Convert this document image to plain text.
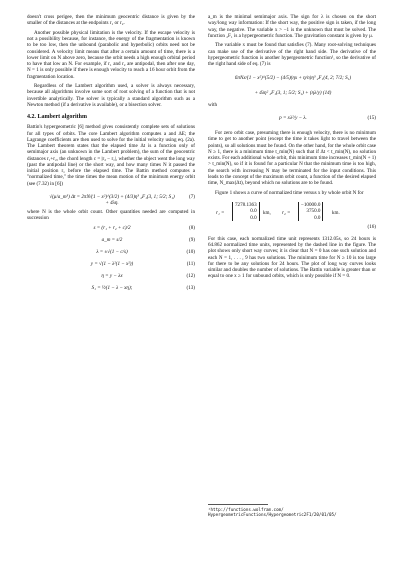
doesn't cross perigee, then the minimum geocentric distance is given by the smaller of the distances at the endpoints r₁ or r₂.

Another possible physical limitation is the velocity. If the escape velocity is not a possibility because, for instance, the energy of the fragmentation is known to be too low, then the unbound (parabolic and hyperbolic) orbits need not be considered. A velocity limit means that after a certain amount of time, there is a lower limit on N above zero, because the orbit needs a high enough orbital period to have that low an N. For example, if r₁ and r₂ are antipodal, then after one day, N = 1 is only possible if there is enough velocity to reach a 16 hour orbit from the fragmentation location.

Regardless of the Lambert algorithm used, a solver is always necessary, because all algorithms involve some sort of root solving of a function that is not invertible analytically. The solver is typically a standard algorithm such as a Newton method (if a derivative is available), or a bisection solver.

4.2. Lambert algorithm

Battin's hypergeometric [6] method gives consistently complete sets of solutions for all types of orbits. The core Lambert algorithm computes a and ΔE; the Lagrange coefficients are then used to solve for the initial velocity using eq. (2a). The Lambert theorem states that the elapsed time Δt is a function only of semimajor axis (an unknown in the Lambert problem), the sum of the geocentric distances r₁+r₂, the chord length c = |r₂ − r₁|, whether the object went the long way (past the antipodal line) or the short way, and how many times N it passed the initial position r₁ before the elapsed time. The Battin method computes a "normalized time," the time times the mean motion of the minimum energy orbit (see (7.32) in [6])

√(μ/a_m³) Δt = 2πN/(1 − x²)^(3/2) + (4/3)η³ ₂F₁(3, 1; 5/2; S₁) + 4λη.
(7)

where N is the whole orbit count. Other quantities needed are computed in succession

s = (r₁ + r₂ + c)/2	(8)
a_m = s/2	(9)
λ = ±√(1 − c/s)	(10)
y = √(1 − λ²(1 − x²))	(11)
η = y − λx	(12)
S₁ = ½(1 − λ − xη);	(13)

a_m is the minimal semimajor axis. The sign for λ is chosen on the short way/long way information: If the short way, the positive sign is taken, if the long way, the negative. The variable x > −1 is the unknown that must be solved. The function ₂F₁ is a hypergeometric function. The gravitation constant is given by μ.

The variable x must be found that satisfies (7). Many root-solving techniques can make use of the derivative of the right hand side. The derivative of the hypergeometric function is another hypergeometric function¹, so the derivative of the right hand side of eq. (7) is

6πNx/(1 − x²)^(5/2) − (4/5)(ηx + η/n)η³ ₂F₁(4, 2; 7/2; S₁)
+ 4λη² ₂F₁(3, 1; 5/2; S₁) + (ηλ/y) (14)

with

p = xλ²/y − λ.	(15)

For zero orbit case, presuming there is enough velocity, there is no minimum time to get to another point (except the time it takes light to travel between the points), so all solutions must be found. On the other hand, for the whole orbit case N ≥ 1, there is a minimum time t_min(N) such that if Δt < t_min(N), no solution exists. For each additional whole orbit, this minimum time increases t_min(N + 1) > t_min(N), so if it is found for a particular N that the minimum time is too high, the search with increasing N may be terminated for the input conditions. This leads to the concept of the maximum orbit count, a function of the desired elapsed time, N_max(Δt), beyond which no solutions are to be found.

Figure 1 shows a curve of normalized time versus x by whole orbit N for

r₁ =
7278.1363
0.0
0.0
km, r₂ =
−10000.0
3750.0
0.0
km.
(16)

For this case, each normalized time unit represents 1312.05s, so 24 hours is 64.862 normalized time units, represented by the dashed line in the figure. The plot shows only short way curves; it is clear that N = 0 has one such solution and each N = 1, . . . , 9 has two solutions. The minimum time for N ≥ 10 is too large for there to be any solutions for 24 hours. The plot of long way curves looks similar and doubles the number of solutions. The Battin variable is greater than or equal to one x ≥ 1 for unbound orbits, which is only possible if N = 0.

¹http://functions.wolfram.com/
HypergeometricFunctions/Hypergeometric2F1/20/01/05/
